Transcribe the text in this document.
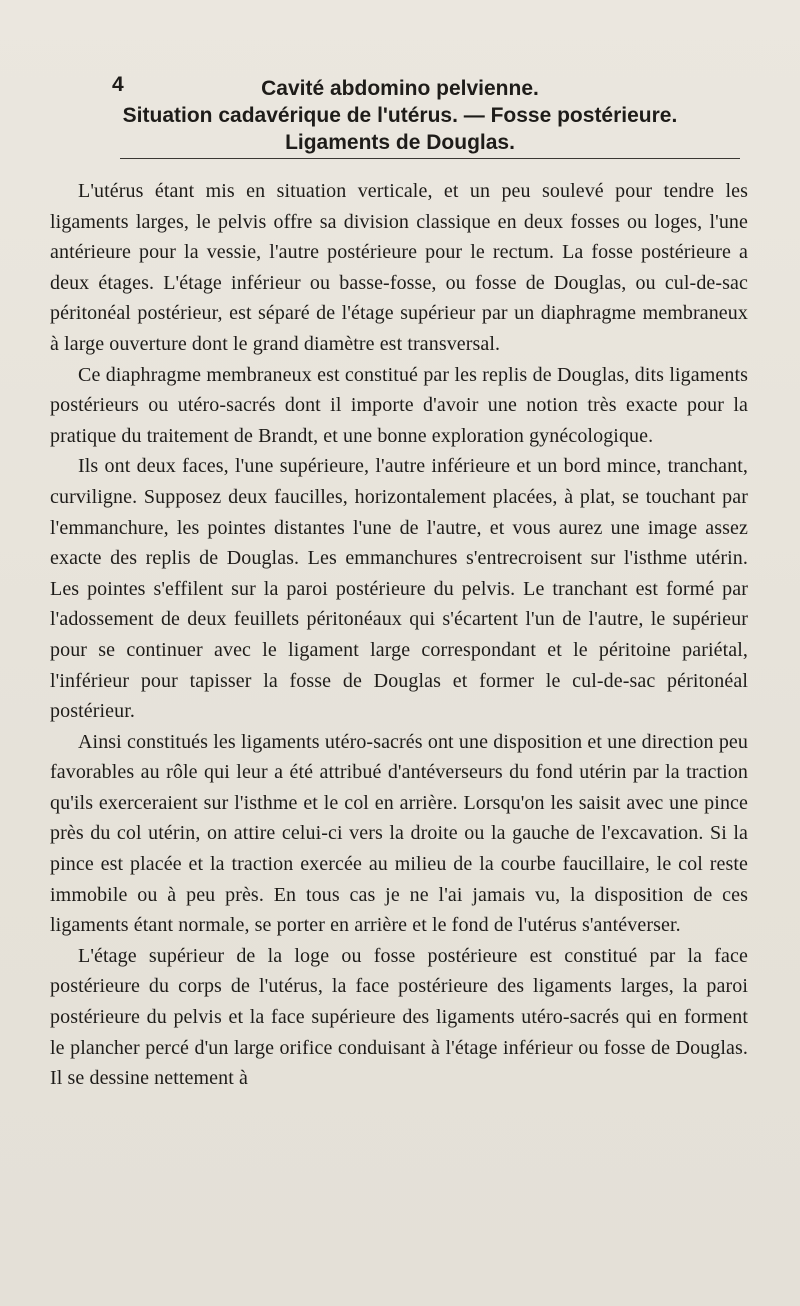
4	Cavité abdomino pelvienne.
Situation cadavérique de l'utérus. — Fosse postérieure.
Ligaments de Douglas.

L'utérus étant mis en situation verticale, et un peu soulevé pour tendre les ligaments larges, le pelvis offre sa division classique en deux fosses ou loges, l'une antérieure pour la vessie, l'autre postérieure pour le rectum. La fosse postérieure a deux étages. L'étage inférieur ou basse-fosse, ou fosse de Douglas, ou cul-de-sac péritonéal postérieur, est séparé de l'étage supérieur par un diaphragme membraneux à large ouverture dont le grand diamètre est transversal.

Ce diaphragme membraneux est constitué par les replis de Douglas, dits ligaments postérieurs ou utéro-sacrés dont il importe d'avoir une notion très exacte pour la pratique du traitement de Brandt, et une bonne exploration gynécologique.

Ils ont deux faces, l'une supérieure, l'autre inférieure et un bord mince, tranchant, curviligne. Supposez deux faucilles, horizontalement placées, à plat, se touchant par l'emmanchure, les pointes distantes l'une de l'autre, et vous aurez une image assez exacte des replis de Douglas. Les emmanchures s'entrecroisent sur l'isthme utérin. Les pointes s'effilent sur la paroi postérieure du pelvis. Le tranchant est formé par l'adossement de deux feuillets péritonéaux qui s'écartent l'un de l'autre, le supérieur pour se continuer avec le ligament large correspondant et le péritoine pariétal, l'inférieur pour tapisser la fosse de Douglas et former le cul-de-sac péritonéal postérieur.

Ainsi constitués les ligaments utéro-sacrés ont une disposition et une direction peu favorables au rôle qui leur a été attribué d'antéverseurs du fond utérin par la traction qu'ils exerceraient sur l'isthme et le col en arrière. Lorsqu'on les saisit avec une pince près du col utérin, on attire celui-ci vers la droite ou la gauche de l'excavation. Si la pince est placée et la traction exercée au milieu de la courbe faucillaire, le col reste immobile ou à peu près. En tous cas je ne l'ai jamais vu, la disposition de ces ligaments étant normale, se porter en arrière et le fond de l'utérus s'antéverser.

L'étage supérieur de la loge ou fosse postérieure est constitué par la face postérieure du corps de l'utérus, la face postérieure des ligaments larges, la paroi postérieure du pelvis et la face supérieure des ligaments utéro-sacrés qui en forment le plancher percé d'un large orifice conduisant à l'étage inférieur ou fosse de Douglas. Il se dessine nettement à
